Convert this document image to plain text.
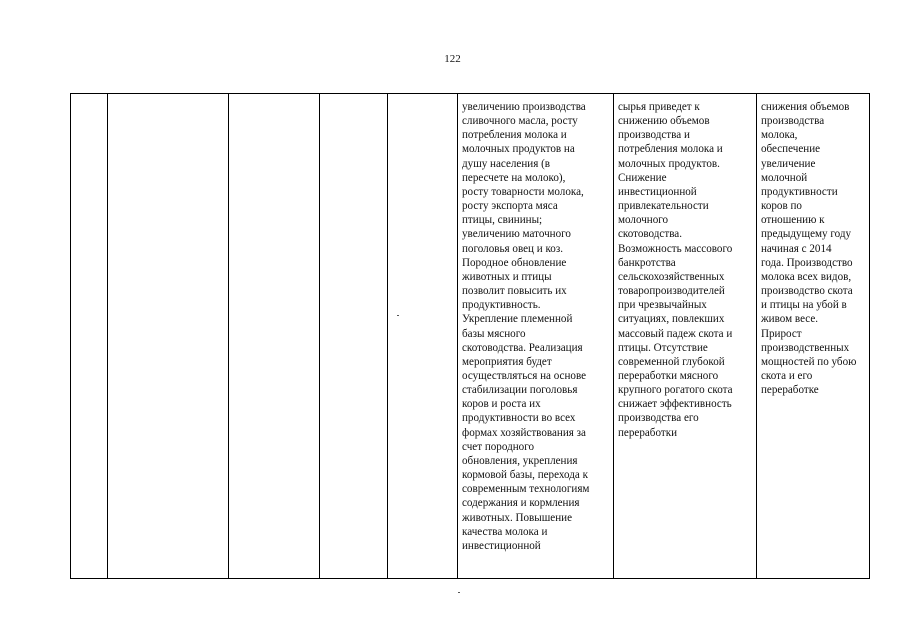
122
увеличению производства
сливочного масла, росту
потребления молока и
молочных продуктов на
душу населения (в
пересчете на молоко),
росту товарности молока,
росту экспорта мяса
птицы, свинины;
увеличению маточного
поголовья овец и коз.
Породное обновление
животных и птицы
позволит повысить их
продуктивность.
Укрепление племенной
базы мясного
скотоводства. Реализация
мероприятия будет
осуществляться на основе
стабилизации поголовья
коров и роста их
продуктивности во всех
формах хозяйствования за
счет породного
обновления, укрепления
кормовой базы, перехода к
современным технологиям
содержания и кормления
животных. Повышение
качества молока и
инвестиционной
сырья приведет к
снижению объемов
производства и
потребления молока и
молочных продуктов.
Снижение
инвестиционной
привлекательности
молочного
скотоводства.
Возможность массового
банкротства
сельскохозяйственных
товаропроизводителей
при чрезвычайных
ситуациях, повлекших
массовый падеж скота и
птицы. Отсутствие
современной глубокой
переработки мясного
крупного рогатого скота
снижает эффективность
производства его
переработки
снижения объемов
производства
молока,
обеспечение
увеличение
молочной
продуктивности
коров по
отношению к
предыдущему году
начиная с 2014
года. Производство
молока всех видов,
производство скота
и птицы на убой в
живом весе.
Прирост
производственных
мощностей по убою
скота и его
переработке
